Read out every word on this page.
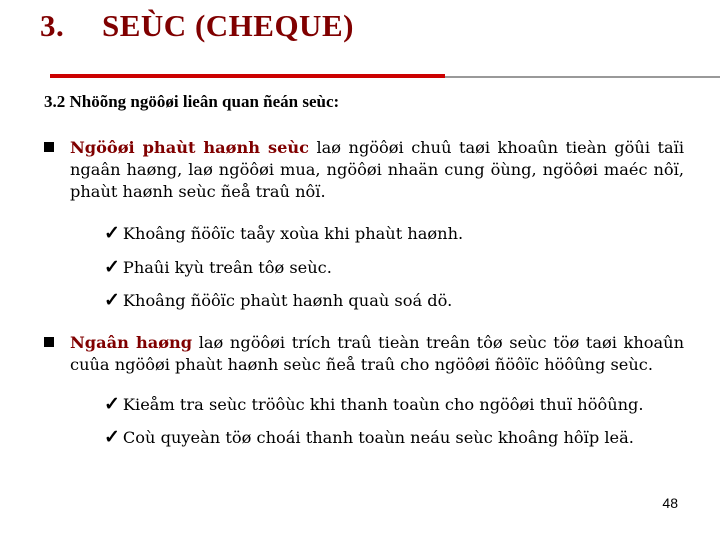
3. SEÙC (CHEQUE)
3.2 Nhöõng ngöôøi lieân quan ñeán seùc:
Ngöôøi phaùt haønh seùc laø ngöôøi chuû taøi khoaûn tieàn göûi taïi ngaân haøng, laø ngöôøi mua, ngöôøi nhaän cung öùng, ngöôøi maéc nôï, phaùt haønh seùc ñeå traû nôï.
✓ Khoâng ñöôïc taåy xoùa khi phaùt haønh.
✓ Phaûi kyù treân tôø seùc.
✓ Khoâng ñöôïc phaùt haønh quaù soá dö.
Ngaân haøng laø ngöôøi trích traû tieàn treân tôø seùc töø taøi khoaûn cuûa ngöôøi phaùt haønh seùc ñeå traû cho ngöôøi ñöôïc höôûng seùc.
✓ Kieåm tra seùc tröôùc khi thanh toaùn cho ngöôøi thuï höôûng.
✓ Coù quyeàn töø choái thanh toaùn neáu seùc khoâng hôïp leä.
48
